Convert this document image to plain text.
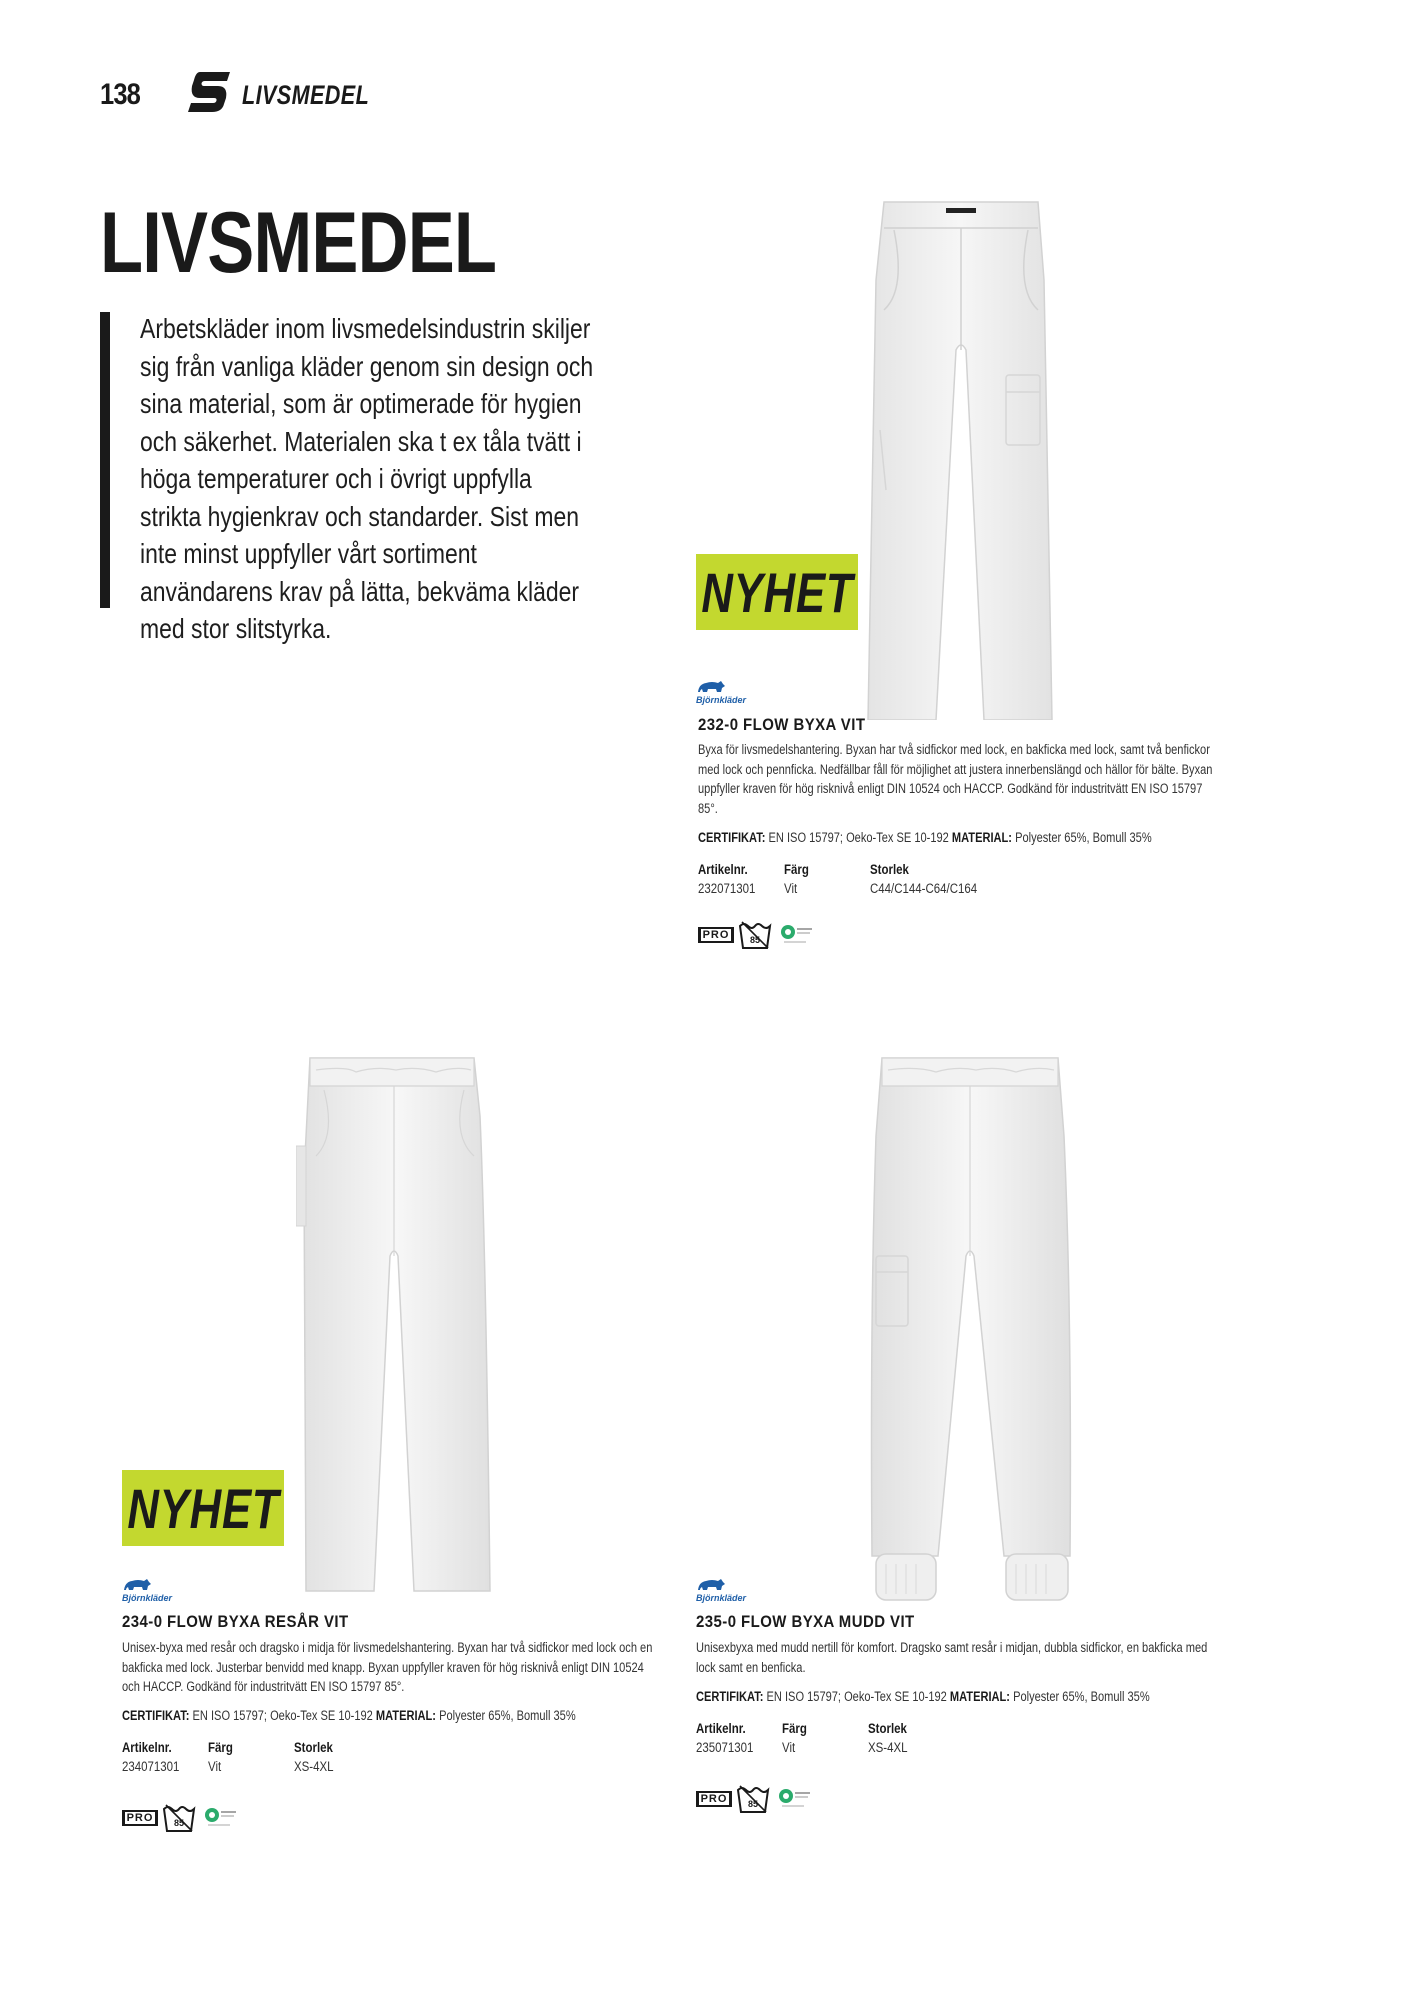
138	LIVSMEDEL
LIVSMEDEL
Arbetskläder inom livsmedelsindustrin skiljer sig från vanliga kläder genom sin design och sina material, som är optimerade för hygien och säkerhet. Materialen ska t ex tåla tvätt i höga temperaturer och i övrigt uppfylla strikta hygienkrav och standarder. Sist men inte minst uppfyller vårt sortiment användarens krav på lätta, bekväma kläder med stor slitstyrka.
NYHET
Björnkläder
232-0 FLOW BYXA VIT
Byxa för livsmedelshantering. Byxan har två sidfickor med lock, en bakficka med lock, samt två benfickor med lock och pennficka. Nedfällbar fåll för möjlighet att justera innerbenslängd och hällor för bälte. Byxan uppfyller kraven för hög risknivå enligt DIN 10524 och HACCP. Godkänd för industritvätt EN ISO 15797 85°.
CERTIFIKAT: EN ISO 15797; Oeko-Tex SE 10-192 MATERIAL: Polyester 65%, Bomull 35%
Artikelnr.	Färg	Storlek
232071301 Vit	C44/C144-C64/C164
PRO 85
NYHET
Björnkläder
234-0 FLOW BYXA RESÅR VIT
Unisex-byxa med resår och dragsko i midja för livsmedelshantering. Byxan har två sidfickor med lock och en bakficka med lock. Justerbar benvidd med knapp. Byxan uppfyller kraven för hög risknivå enligt DIN 10524 och HACCP. Godkänd för industritvätt EN ISO 15797 85°.
CERTIFIKAT: EN ISO 15797; Oeko-Tex SE 10-192 MATERIAL: Polyester 65%, Bomull 35%
Artikelnr.	Färg	Storlek
234071301 Vit	XS-4XL
PRO 85
Björnkläder
235-0 FLOW BYXA MUDD VIT
Unisexbyxa med mudd nertill för komfort. Dragsko samt resår i midjan, dubbla sidfickor, en bakficka med lock samt en benficka.
CERTIFIKAT: EN ISO 15797; Oeko-Tex SE 10-192 MATERIAL: Polyester 65%, Bomull 35%
Artikelnr.	Färg	Storlek
235071301 Vit	XS-4XL
PRO 85
